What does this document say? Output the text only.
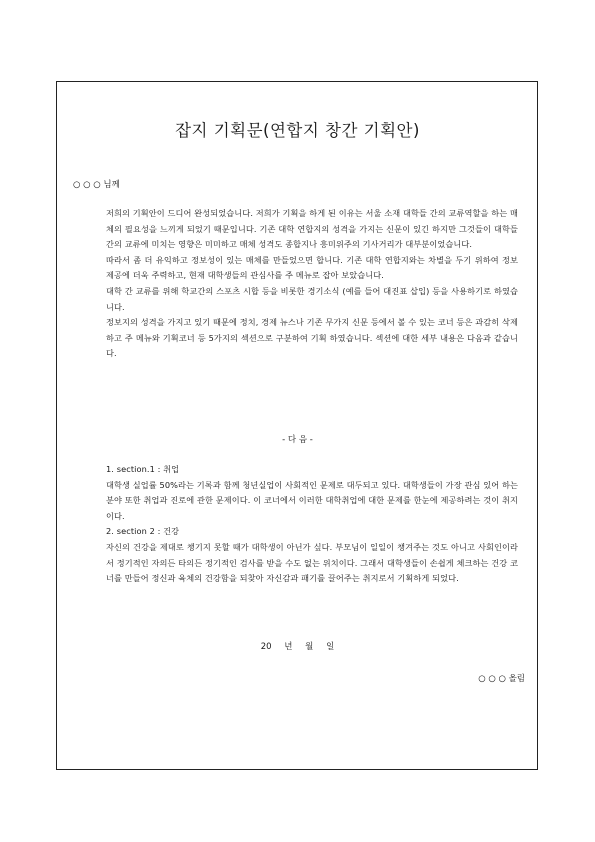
잡지 기획문(연합지 창간 기획안)
○ ○ ○ 님께

저희의 기획안이 드디어 완성되었습니다. 저희가 기획을 하게 된 이유는 서울 소재 대학들 간의 교류역할을 하는 매체의 필요성을 느끼게 되었기 때문입니다. 기존 대학 연합지의 성격을 가지는 신문이 있긴 하지만 그것들이 대학들 간의 교류에 미치는 영향은 미미하고 매체 성격도 종합지나 흥미위주의 기사거리가 대부분이었습니다.

따라서 좀 더 유익하고 정보성이 있는 매체를 만들었으면 합니다. 기존 대학 연합지와는 차별을 두기 위하여 정보 제공에 더욱 주력하고, 현재 대학생들의 관심사를 주 메뉴로 잡아 보았습니다.

대학 간 교류를 위해 학교간의 스포츠 시합 등을 비롯한 경기소식 (예를 들어 대진표 삽입) 등을 사용하기로 하였습니다.

정보지의 성격을 가지고 있기 때문에 정치, 경제 뉴스나 기존 무가지 신문 등에서 볼 수 있는 코너 등은 과감히 삭제하고 주 메뉴와 기획코너 등 5가지의 섹션으로 구분하여 기획 하였습니다. 섹션에 대한 세부 내용은 다음과 같습니다.

- 다 음 -

1. section.1 : 취업

대학생 실업률 50%라는 기록과 함께 청년실업이 사회적인 문제로 대두되고 있다. 대학생들이 가장 관심 있어 하는 분야 또한 취업과 진로에 관한 문제이다. 이 코너에서 이러한 대학취업에 대한 문제를 한눈에 제공하려는 것이 취지이다.

2. section 2 : 건강

자신의 건강을 제대로 챙기지 못할 때가 대학생이 아닌가 싶다. 부모님이 일일이 챙겨주는 것도 아니고 사회인이라서 정기적인 자의든 타의든 정기적인 검사를 받을 수도 없는 위치이다. 그래서 대학생들이 손쉽게 체크하는 건강 코너를 만들어 정신과 육체의 건강함을 되찾아 자신감과 패기를 끌어주는 취지로서 기획하게 되었다.

20 년 월 일
○ ○ ○ 올림
